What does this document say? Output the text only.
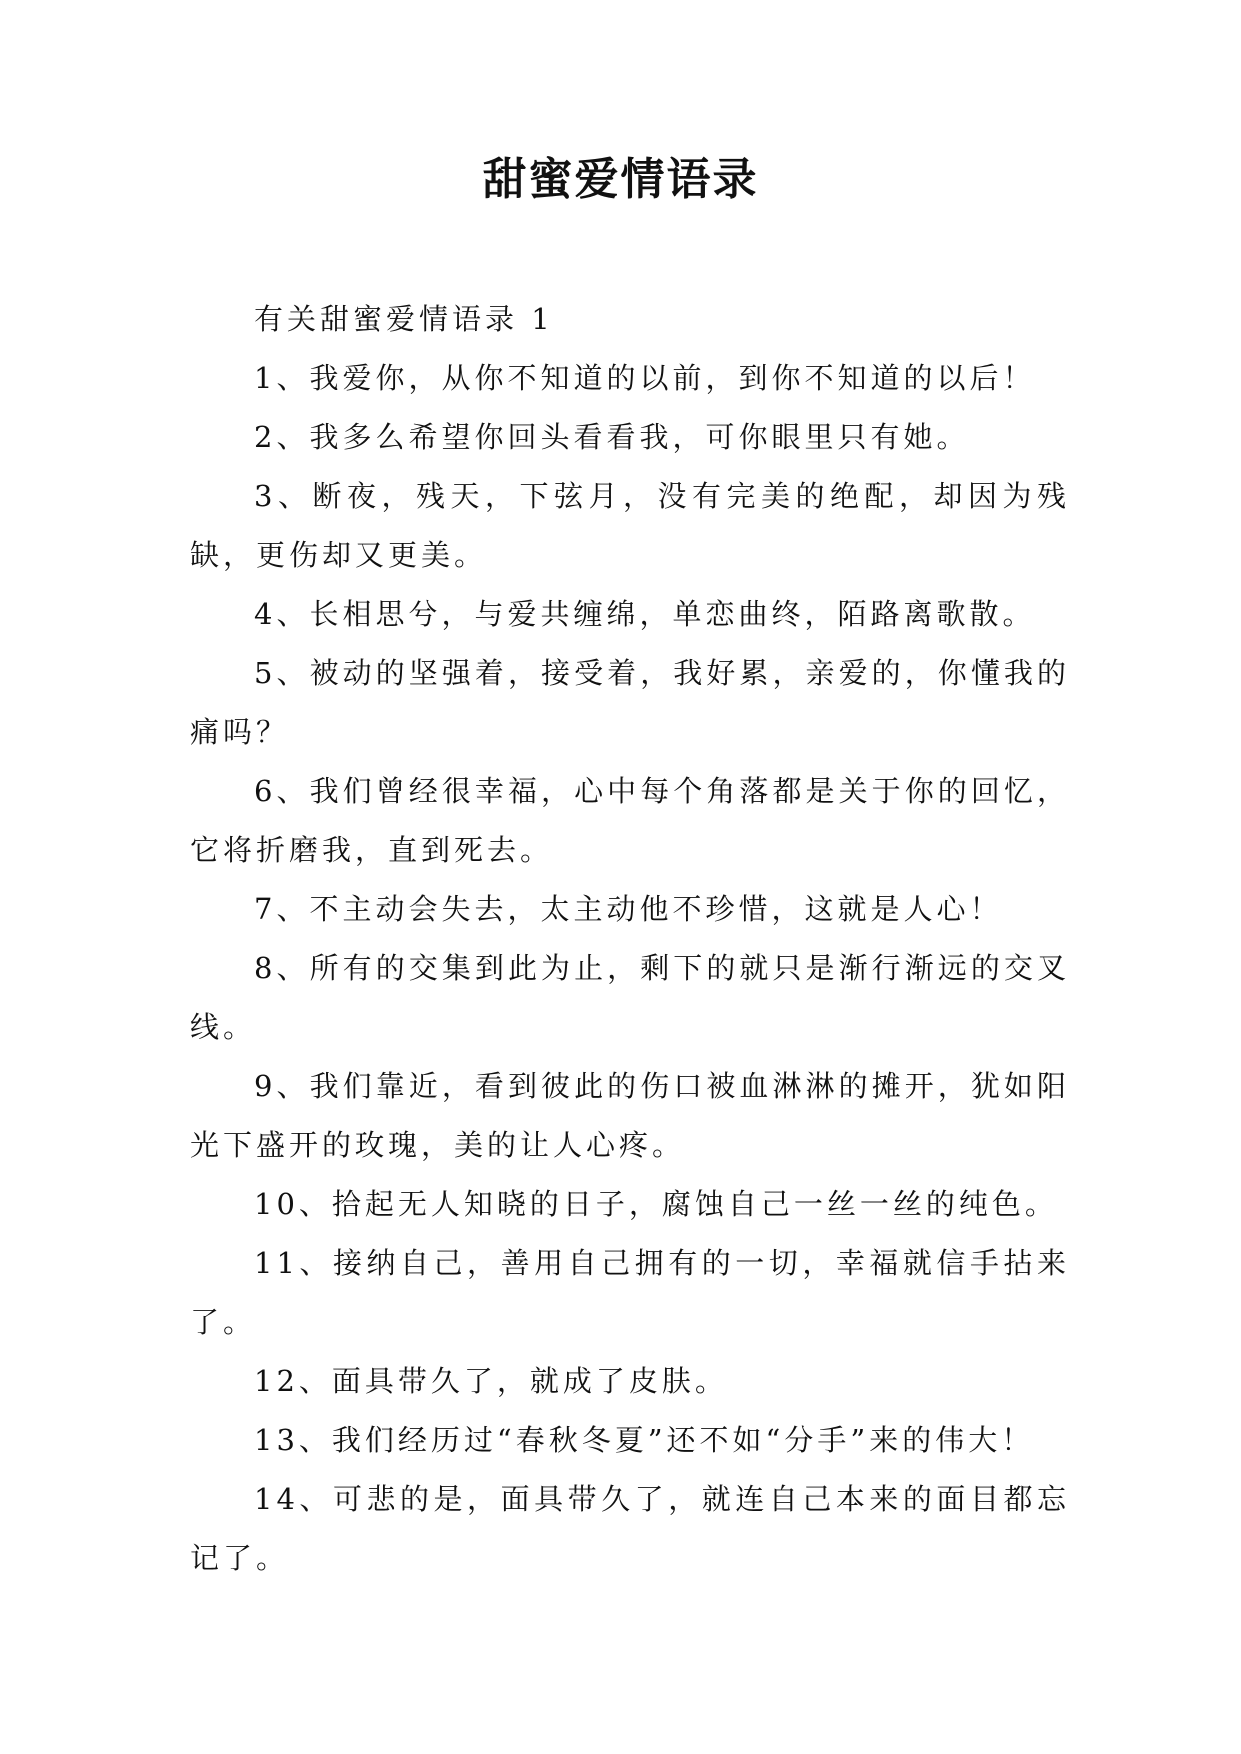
甜蜜爱情语录

有关甜蜜爱情语录 1

1、我爱你，从你不知道的以前，到你不知道的以后！

2、我多么希望你回头看看我，可你眼里只有她。

3、断夜，残天，下弦月，没有完美的绝配，却因为残缺，更伤却又更美。

4、长相思兮，与爱共缠绵，单恋曲终，陌路离歌散。

5、被动的坚强着，接受着，我好累，亲爱的，你懂我的痛吗？

6、我们曾经很幸福，心中每个角落都是关于你的回忆，它将折磨我，直到死去。

7、不主动会失去，太主动他不珍惜，这就是人心！

8、所有的交集到此为止，剩下的就只是渐行渐远的交叉线。

9、我们靠近，看到彼此的伤口被血淋淋的摊开，犹如阳光下盛开的玫瑰，美的让人心疼。

10、拾起无人知晓的日子，腐蚀自己一丝一丝的纯色。

11、接纳自己，善用自己拥有的一切，幸福就信手拈来了。

12、面具带久了，就成了皮肤。

13、我们经历过“春秋冬夏”还不如“分手”来的伟大！

14、可悲的是，面具带久了，就连自己本来的面目都忘记了。
